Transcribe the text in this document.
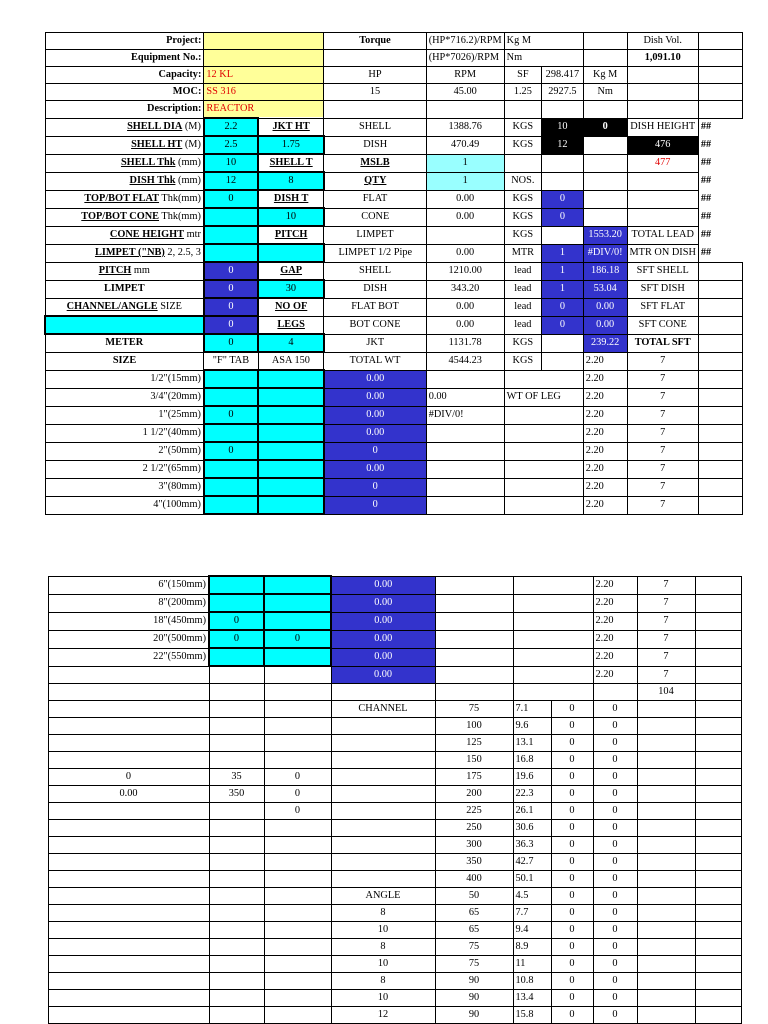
	Project:			Torque	(HP*716.2)/RPM	Kg M			Dish Vol.		
	Equipment No.:				(HP*7026)/RPM	Nm			1,091.10		
	Capacity:	12 KL		HP	RPM	SF	298.417	Kg M			
	MOC:	SS 316		15	45.00	1.25	2927.5	Nm			
	Description:	REACTOR									
	SHELL DIA (M)	2.2	JKT HT	SHELL	1388.76	KGS	10	0	DISH HEIGHT	##	
	SHELL HT (M)	2.5	1.75	DISH	470.49	KGS	12		476	##	
	SHELL Thk (mm)	10	SHELL T	MSLB	1				477	##	
	DISH Thk (mm)	12	8	QTY	1	NOS.				##	
	TOP/BOT FLAT Thk(mm)	0	DISH T	FLAT	0.00	KGS	0			##	
	TOP/BOT CONE Thk(mm)		10	CONE	0.00	KGS	0			##	
	CONE HEIGHT mtr		PITCH	LIMPET		KGS		1553.20	TOTAL LEAD	##	
	LIMPET ("NB) 2, 2.5, 3			LIMPET 1/2 Pipe	0.00	MTR	1	#DIV/0!	MTR ON DISH	##	
	PITCH mm	0	GAP	SHELL	1210.00	lead	1	186.18	SFT SHELL		
	LIMPET	0	30	DISH	343.20	lead	1	53.04	SFT DISH		
	CHANNEL/ANGLE SIZE	0	NO OF	FLAT BOT	0.00	lead	0	0.00	SFT FLAT		
		0	LEGS	BOT CONE	0.00	lead	0	0.00	SFT CONE		
	METER	0	4	JKT	1131.78	KGS		239.22	TOTAL SFT		
	SIZE	"F" TAB	ASA 150	TOTAL WT	4544.23	KGS		2.20	7		
	1/2"(15mm)			0.00				2.20	7		
	3/4"(20mm)			0.00	0.00	WT OF LEG		2.20	7		
	1"(25mm)	0		0.00	#DIV/0!			2.20	7		
	1 1/2"(40mm)			0.00				2.20	7		
	2"(50mm)	0		0				2.20	7		
	2 1/2"(65mm)			0.00				2.20	7		
	3"(80mm)			0				2.20	7		
	4"(100mm)			0				2.20	7		
	6"(150mm)			0.00				2.20	7		
	8"(200mm)			0.00				2.20	7		
	18"(450mm)	0		0.00				2.20	7		
	20"(500mm)	0	0	0.00				2.20	7		
	22"(550mm)			0.00				2.20	7		
				0.00				2.20	7		
									104		
				CHANNEL	75	7.1	0	0			
					100	9.6	0	0			
					125	13.1	0	0			
					150	16.8	0	0			
	0	35	0		175	19.6	0	0			
	0.00	350	0		200	22.3	0	0			
			0		225	26.1	0	0			
					250	30.6	0	0			
					300	36.3	0	0			
					350	42.7	0	0			
					400	50.1	0	0			
				ANGLE	50	4.5	0	0			
				8	65	7.7	0	0			
				10	65	9.4	0	0			
				8	75	8.9	0	0			
				10	75	11	0	0			
				8	90	10.8	0	0			
				10	90	13.4	0	0			
				12	90	15.8	0	0			
